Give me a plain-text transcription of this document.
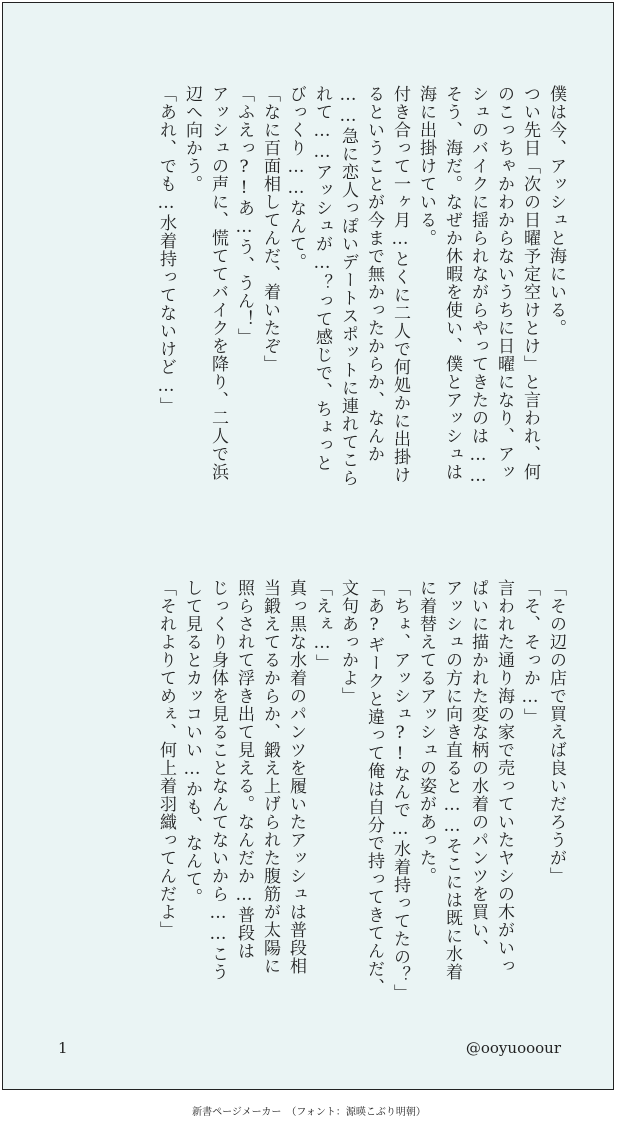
僕は今、アッシュと海にいる。
つい先日「次の日曜予定空けとけ」と言われ、何
のこっちゃかわからないうちに日曜になり、アッ
シュのバイクに揺られながらやってきたのは……
そう、海だ。なぜか休暇を使い、僕とアッシュは
海に出掛けている。
付き合って一ヶ月…とくに二人で何処かに出掛け
るということが今まで無かったからか、なんか
……急に恋人っぽいデートスポットに連れてこら
れて……アッシュが…？って感じで、ちょっと
びっくり……なんて。
「なに百面相してんだ、着いたぞ」
「ふえっ?!あ…う、うん！」
アッシュの声に、慌ててバイクを降り、二人で浜
辺へ向かう。
「あれ、でも…水着持ってないけど…」
「その辺の店で買えば良いだろうが」
「そ、そっか…」
言われた通り海の家で売っていたヤシの木がいっ
ぱいに描かれた変な柄の水着のパンツを買い、
アッシュの方に向き直ると……そこには既に水着
に着替えてるアッシュの姿があった。
「ちょ、アッシュ?!なんで…水着持ってたの？」
「あ?ギークと違って俺は自分で持ってきてんだ、
文句あっかよ」
「えぇ…」
真っ黒な水着のパンツを履いたアッシュは普段相
当鍛えてるからか、鍛え上げられた腹筋が太陽に
照らされて浮き出て見える。なんだか…普段は
じっくり身体を見ることなんてないから……こう
して見るとカッコいい…かも、なんて。
「それよりてめぇ、何上着羽織ってんだよ」
1	@ooyuooour
新書ページメーカー　（フォント：源暎こぶり明朝）
